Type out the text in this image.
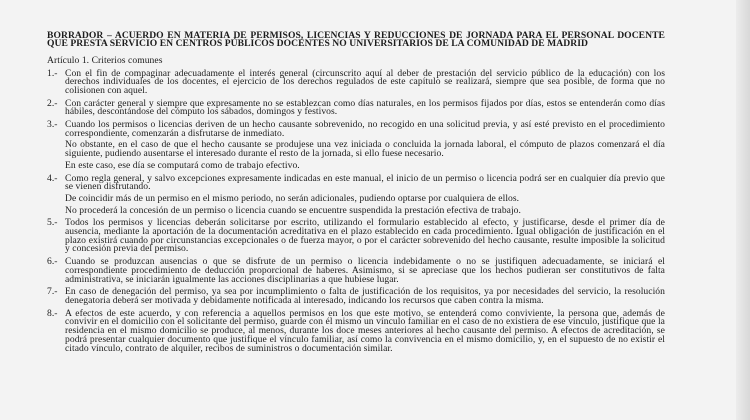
BORRADOR – ACUERDO EN MATERIA DE PERMISOS, LICENCIAS Y REDUCCIONES DE JORNADA PARA EL PERSONAL DOCENTE QUE PRESTA SERVICIO EN CENTROS PÚBLICOS DOCENTES NO UNIVERSITARIOS DE LA COMUNIDAD DE MADRID

Artículo 1. Criterios comunes

1.- Con el fin de compaginar adecuadamente el interés general (circunscrito aquí al deber de prestación del servicio público de la educación) con los derechos individuales de los docentes, el ejercicio de los derechos regulados de este capítulo se realizará, siempre que sea posible, de forma que no colisionen con aquel.

2.- Con carácter general y siempre que expresamente no se establezcan como días naturales, en los permisos fijados por días, estos se entenderán como días hábiles, descontándose del cómputo los sábados, domingos y festivos.

3.- Cuando los permisos o licencias deriven de un hecho causante sobrevenido, no recogido en una solicitud previa, y así esté previsto en el procedimiento correspondiente, comenzarán a disfrutarse de inmediato.

No obstante, en el caso de que el hecho causante se produjese una vez iniciada o concluida la jornada laboral, el cómputo de plazos comenzará el día siguiente, pudiendo ausentarse el interesado durante el resto de la jornada, si ello fuese necesario.

En este caso, ese día se computará como de trabajo efectivo.

4.- Como regla general, y salvo excepciones expresamente indicadas en este manual, el inicio de un permiso o licencia podrá ser en cualquier día previo que se vienen disfrutando.

De coincidir más de un permiso en el mismo periodo, no serán adicionales, pudiendo optarse por cualquiera de ellos.

No procederá la concesión de un permiso o licencia cuando se encuentre suspendida la prestación efectiva de trabajo.

5.- Todos los permisos y licencias deberán solicitarse por escrito, utilizando el formulario establecido al efecto, y justificarse, desde el primer día de ausencia, mediante la aportación de la documentación acreditativa en el plazo establecido en cada procedimiento. Igual obligación de justificación en el plazo existirá cuando por circunstancias excepcionales o de fuerza mayor, o por el carácter sobrevenido del hecho causante, resulte imposible la solicitud y concesión previa del permiso.

6.- Cuando se produzcan ausencias o que se disfrute de un permiso o licencia indebidamente o no se justifiquen adecuadamente, se iniciará el correspondiente procedimiento de deducción proporcional de haberes. Asimismo, si se apreciase que los hechos pudieran ser constitutivos de falta administrativa, se iniciarán igualmente las acciones disciplinarias a que hubiese lugar.

7.- En caso de denegación del permiso, ya sea por incumplimiento o falta de justificación de los requisitos, ya por necesidades del servicio, la resolución denegatoria deberá ser motivada y debidamente notificada al interesado, indicando los recursos que caben contra la misma.

8.- A efectos de este acuerdo, y con referencia a aquellos permisos en los que este motivo, se entenderá como conviviente, la persona que, además de convivir en el domicilio con el solicitante del permiso, guarde con él mismo un vínculo familiar en el caso de no existiera de ese vínculo, justifique que la residencia en el mismo domicilio se produce, al menos, durante los doce meses anteriores al hecho causante del permiso. A efectos de acreditación, se podrá presentar cualquier documento que justifique el vínculo familiar, así como la convivencia en el mismo domicilio, y, en el supuesto de no existir el citado vínculo, contrato de alquiler, recibos de suministros o documentación similar.
